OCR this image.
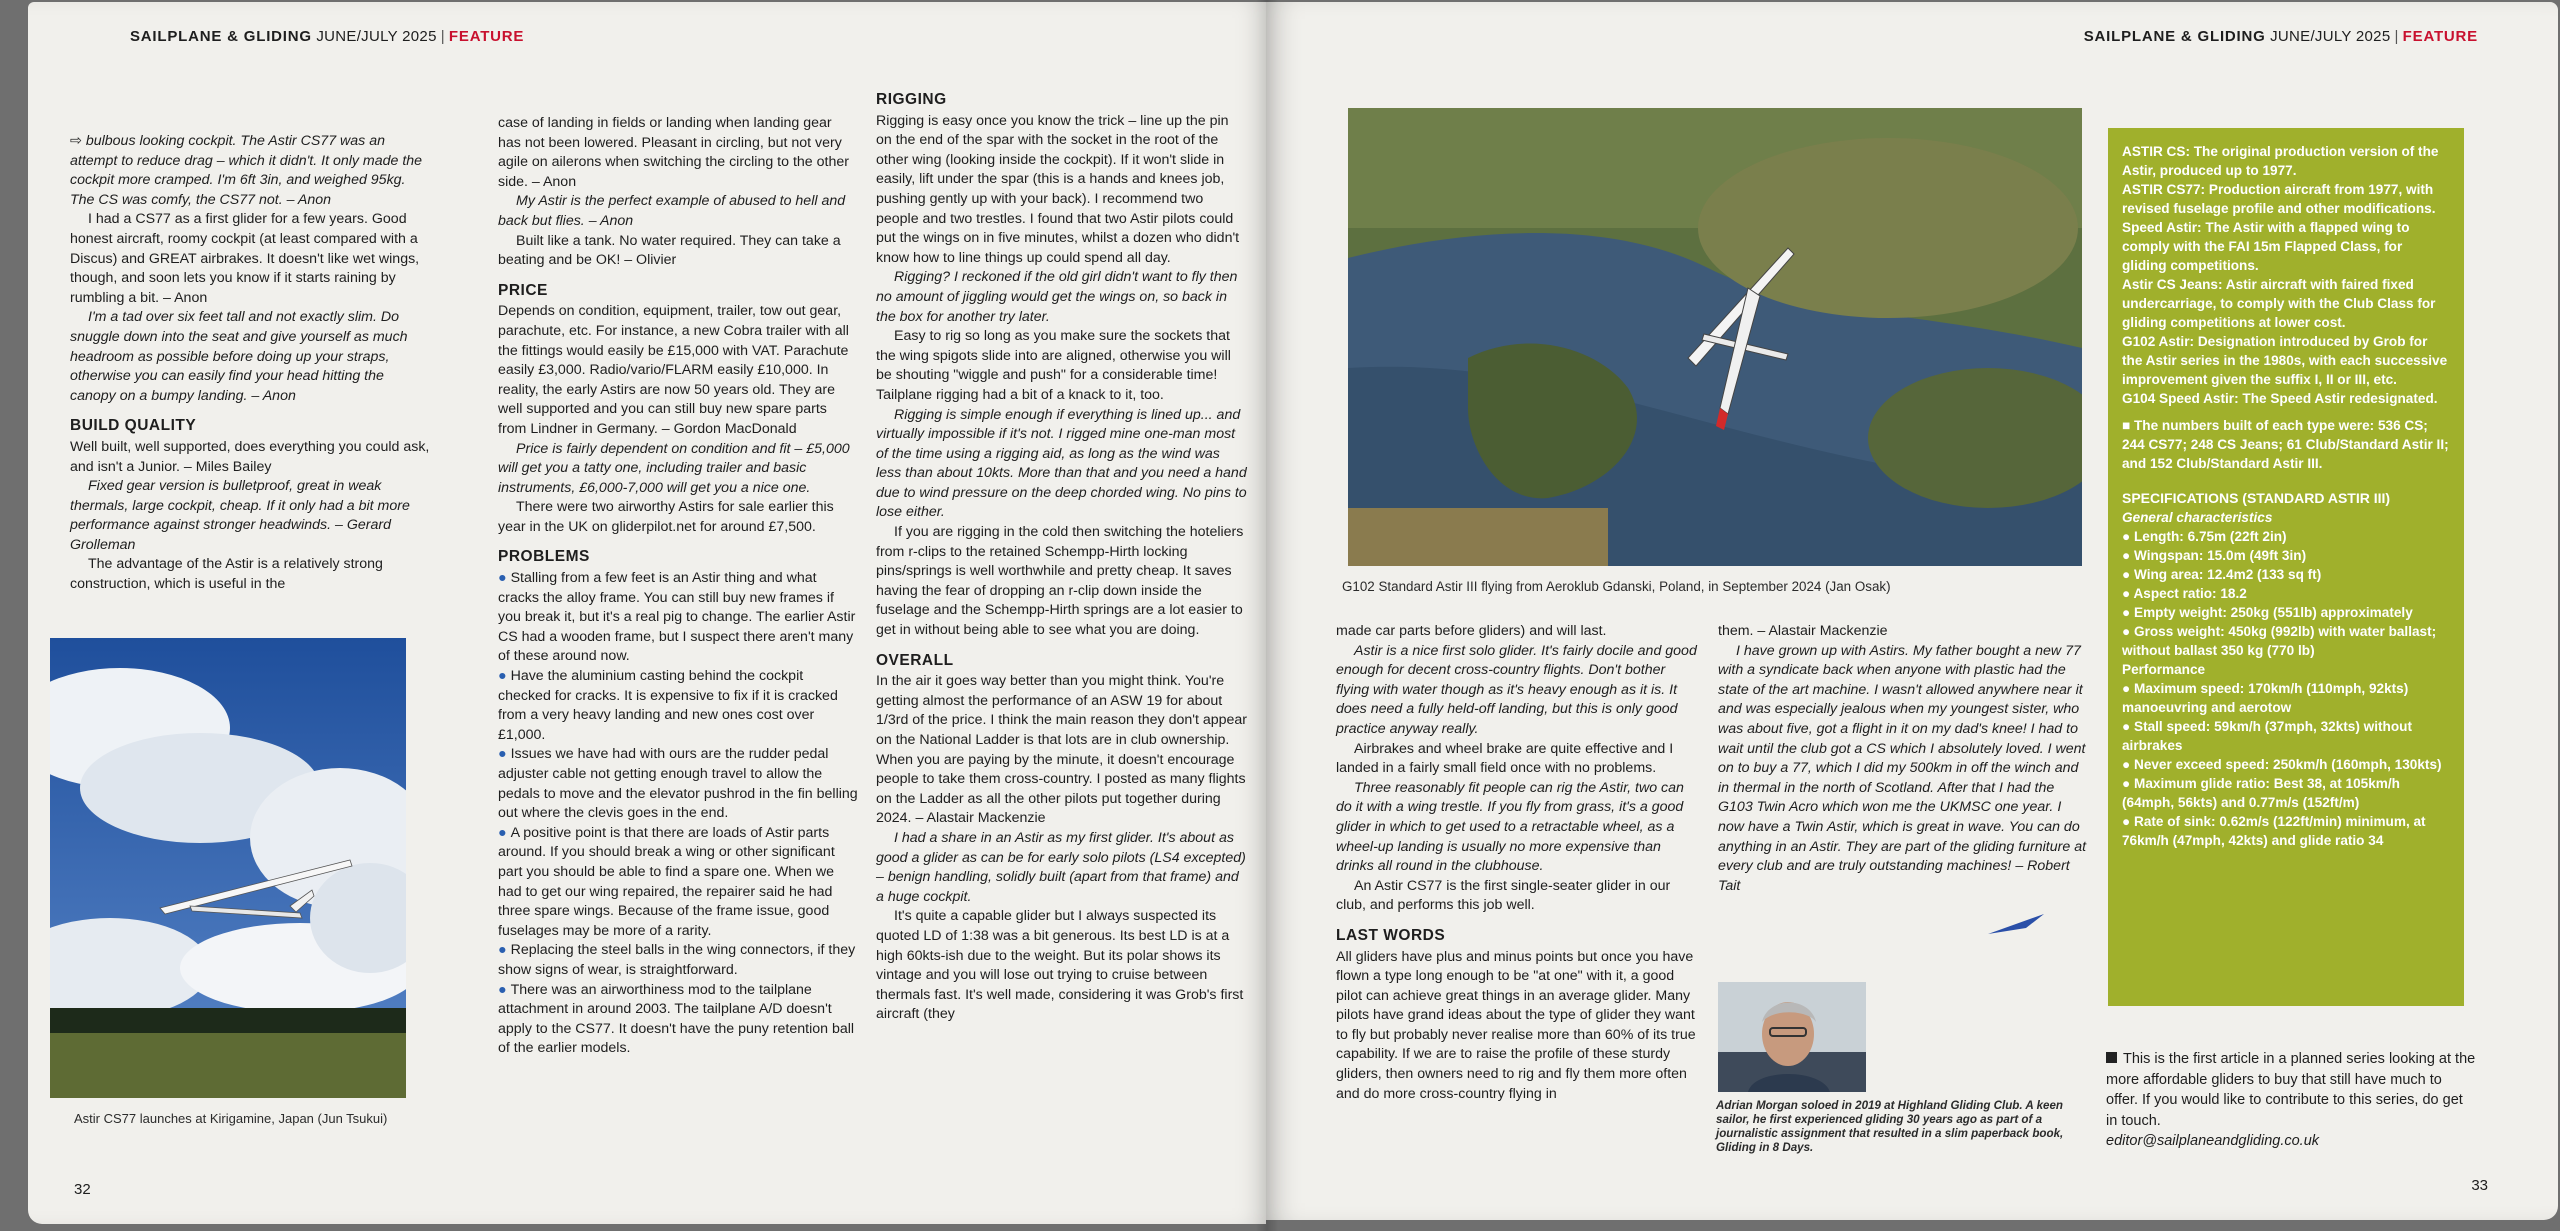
SAILPLANE & GLIDING JUNE/JULY 2025 | FEATURE

⇨ bulbous looking cockpit. The Astir CS77 was an attempt to reduce drag – which it didn't. It only made the cockpit more cramped. I'm 6ft 3in, and weighed 95kg. The CS was comfy, the CS77 not. – Anon

I had a CS77 as a first glider for a few years. Good honest aircraft, roomy cockpit (at least compared with a Discus) and GREAT airbrakes. It doesn't like wet wings, though, and soon lets you know if it starts raining by rumbling a bit. – Anon

I'm a tad over six feet tall and not exactly slim. Do snuggle down into the seat and give yourself as much headroom as possible before doing up your straps, otherwise you can easily find your head hitting the canopy on a bumpy landing. – Anon

BUILD QUALITY

Well built, well supported, does everything you could ask, and isn't a Junior. – Miles Bailey

Fixed gear version is bulletproof, great in weak thermals, large cockpit, cheap. If it only had a bit more performance against stronger headwinds. – Gerard Grolleman

The advantage of the Astir is a relatively strong construction, which is useful in the

Astir CS77 launches at Kirigamine, Japan (Jun Tsukui)

case of landing in fields or landing when landing gear has not been lowered. Pleasant in circling, but not very agile on ailerons when switching the circling to the other side. – Anon

My Astir is the perfect example of abused to hell and back but flies. – Anon

Built like a tank. No water required. They can take a beating and be OK! – Olivier

PRICE

Depends on condition, equipment, trailer, tow out gear, parachute, etc. For instance, a new Cobra trailer with all the fittings would easily be £15,000 with VAT. Parachute easily £3,000. Radio/vario/FLARM easily £10,000. In reality, the early Astirs are now 50 years old. They are well supported and you can still buy new spare parts from Lindner in Germany. – Gordon MacDonald

Price is fairly dependent on condition and fit – £5,000 will get you a tatty one, including trailer and basic instruments, £6,000-7,000 will get you a nice one.

There were two airworthy Astirs for sale earlier this year in the UK on gliderpilot.net for around £7,500.

PROBLEMS

● Stalling from a few feet is an Astir thing and what cracks the alloy frame. You can still buy new frames if you break it, but it's a real pig to change. The earlier Astir CS had a wooden frame, but I suspect there aren't many of these around now.

● Have the aluminium casting behind the cockpit checked for cracks. It is expensive to fix if it is cracked from a very heavy landing and new ones cost over £1,000.

● Issues we have had with ours are the rudder pedal adjuster cable not getting enough travel to allow the pedals to move and the elevator pushrod in the fin belling out where the clevis goes in the end.

● A positive point is that there are loads of Astir parts around. If you should break a wing or other significant part you should be able to find a spare one. When we had to get our wing repaired, the repairer said he had three spare wings. Because of the frame issue, good fuselages may be more of a rarity.

● Replacing the steel balls in the wing connectors, if they show signs of wear, is straightforward.

● There was an airworthiness mod to the tailplane attachment in around 2003. The tailplane A/D doesn't apply to the CS77. It doesn't have the puny retention ball of the earlier models.

RIGGING

Rigging is easy once you know the trick – line up the pin on the end of the spar with the socket in the root of the other wing (looking inside the cockpit). If it won't slide in easily, lift under the spar (this is a hands and knees job, pushing gently up with your back). I recommend two people and two trestles. I found that two Astir pilots could put the wings on in five minutes, whilst a dozen who didn't know how to line things up could spend all day.

Rigging? I reckoned if the old girl didn't want to fly then no amount of jiggling would get the wings on, so back in the box for another try later.

Easy to rig so long as you make sure the sockets that the wing spigots slide into are aligned, otherwise you will be shouting "wiggle and push" for a considerable time! Tailplane rigging had a bit of a knack to it, too.

Rigging is simple enough if everything is lined up... and virtually impossible if it's not. I rigged mine one-man most of the time using a rigging aid, as long as the wind was less than about 10kts. More than that and you need a hand due to wind pressure on the deep chorded wing. No pins to lose either.

If you are rigging in the cold then switching the hoteliers from r-clips to the retained Schempp-Hirth locking pins/springs is well worthwhile and pretty cheap. It saves having the fear of dropping an r-clip down inside the fuselage and the Schempp-Hirth springs are a lot easier to get in without being able to see what you are doing.

OVERALL

In the air it goes way better than you might think. You're getting almost the performance of an ASW 19 for about 1/3rd of the price. I think the main reason they don't appear on the National Ladder is that lots are in club ownership. When you are paying by the minute, it doesn't encourage people to take them cross-country. I posted as many flights on the Ladder as all the other pilots put together during 2024. – Alastair Mackenzie

I had a share in an Astir as my first glider. It's about as good a glider as can be for early solo pilots (LS4 excepted) – benign handling, solidly built (apart from that frame) and a huge cockpit.

It's quite a capable glider but I always suspected its quoted LD of 1:38 was a bit generous. Its best LD is at a high 60kts-ish due to the weight. But its polar shows its vintage and you will lose out trying to cruise between thermals fast. It's well made, considering it was Grob's first aircraft (they

32
SAILPLANE & GLIDING JUNE/JULY 2025 | FEATURE
G102 Standard Astir III flying from Aeroklub Gdanski, Poland, in September 2024 (Jan Osak)

made car parts before gliders) and will last.

Astir is a nice first solo glider. It's fairly docile and good enough for decent cross-country flights. Don't bother flying with water though as it's heavy enough as it is. It does need a fully held-off landing, but this is only good practice anyway really.

Airbrakes and wheel brake are quite effective and I landed in a fairly small field once with no problems.

Three reasonably fit people can rig the Astir, two can do it with a wing trestle. If you fly from grass, it's a good glider in which to get used to a retractable wheel, as a wheel-up landing is usually no more expensive than drinks all round in the clubhouse.

An Astir CS77 is the first single-seater glider in our club, and performs this job well.

LAST WORDS

All gliders have plus and minus points but once you have flown a type long enough to be "at one" with it, a good pilot can achieve great things in an average glider. Many pilots have grand ideas about the type of glider they want to fly but probably never realise more than 60% of its true capability. If we are to raise the profile of these sturdy gliders, then owners need to rig and fly them more often and do more cross-country flying in

them. – Alastair Mackenzie

I have grown up with Astirs. My father bought a new 77 with a syndicate back when anyone with plastic had the state of the art machine. I wasn't allowed anywhere near it and was especially jealous when my youngest sister, who was about five, got a flight in it on my dad's knee! I had to wait until the club got a CS which I absolutely loved. I went on to buy a 77, which I did my 500km in off the winch and in thermal in the north of Scotland. After that I had the G103 Twin Acro which won me the UKMSC one year. I now have a Twin Astir, which is great in wave. You can do anything in an Astir. They are part of the gliding furniture at every club and are truly outstanding machines! – Robert Tait

Adrian Morgan soloed in 2019 at Highland Gliding Club. A keen sailor, he first experienced gliding 30 years ago as part of a journalistic assignment that resulted in a slim paperback book, Gliding in 8 Days.

ASTIR CS: The original production version of the Astir, produced up to 1977.

ASTIR CS77: Production aircraft from 1977, with revised fuselage profile and other modifications.

Speed Astir: The Astir with a flapped wing to comply with the FAI 15m Flapped Class, for gliding competitions.

Astir CS Jeans: Astir aircraft with faired fixed undercarriage, to comply with the Club Class for gliding competitions at lower cost.

G102 Astir: Designation introduced by Grob for the Astir series in the 1980s, with each successive improvement given the suffix I, II or III, etc.

G104 Speed Astir: The Speed Astir redesignated.

■ The numbers built of each type were: 536 CS; 244 CS77; 248 CS Jeans; 61 Club/Standard Astir II; and 152 Club/Standard Astir III.

SPECIFICATIONS (STANDARD ASTIR III)

General characteristics

● Length: 6.75m (22ft 2in)

● Wingspan: 15.0m (49ft 3in)

● Wing area: 12.4m2 (133 sq ft)

● Aspect ratio: 18.2

● Empty weight: 250kg (551lb) approximately

● Gross weight: 450kg (992lb) with water ballast; without ballast 350 kg (770 lb)

Performance

● Maximum speed: 170km/h (110mph, 92kts) manoeuvring and aerotow

● Stall speed: 59km/h (37mph, 32kts) without airbrakes

● Never exceed speed: 250km/h (160mph, 130kts)

● Maximum glide ratio: Best 38, at 105km/h (64mph, 56kts) and 0.77m/s (152ft/m)

● Rate of sink: 0.62m/s (122ft/min) minimum, at 76km/h (47mph, 42kts) and glide ratio 34

This is the first article in a planned series looking at the more affordable gliders to buy that still have much to offer. If you would like to contribute to this series, do get in touch.
editor@sailplaneandgliding.co.uk
33
